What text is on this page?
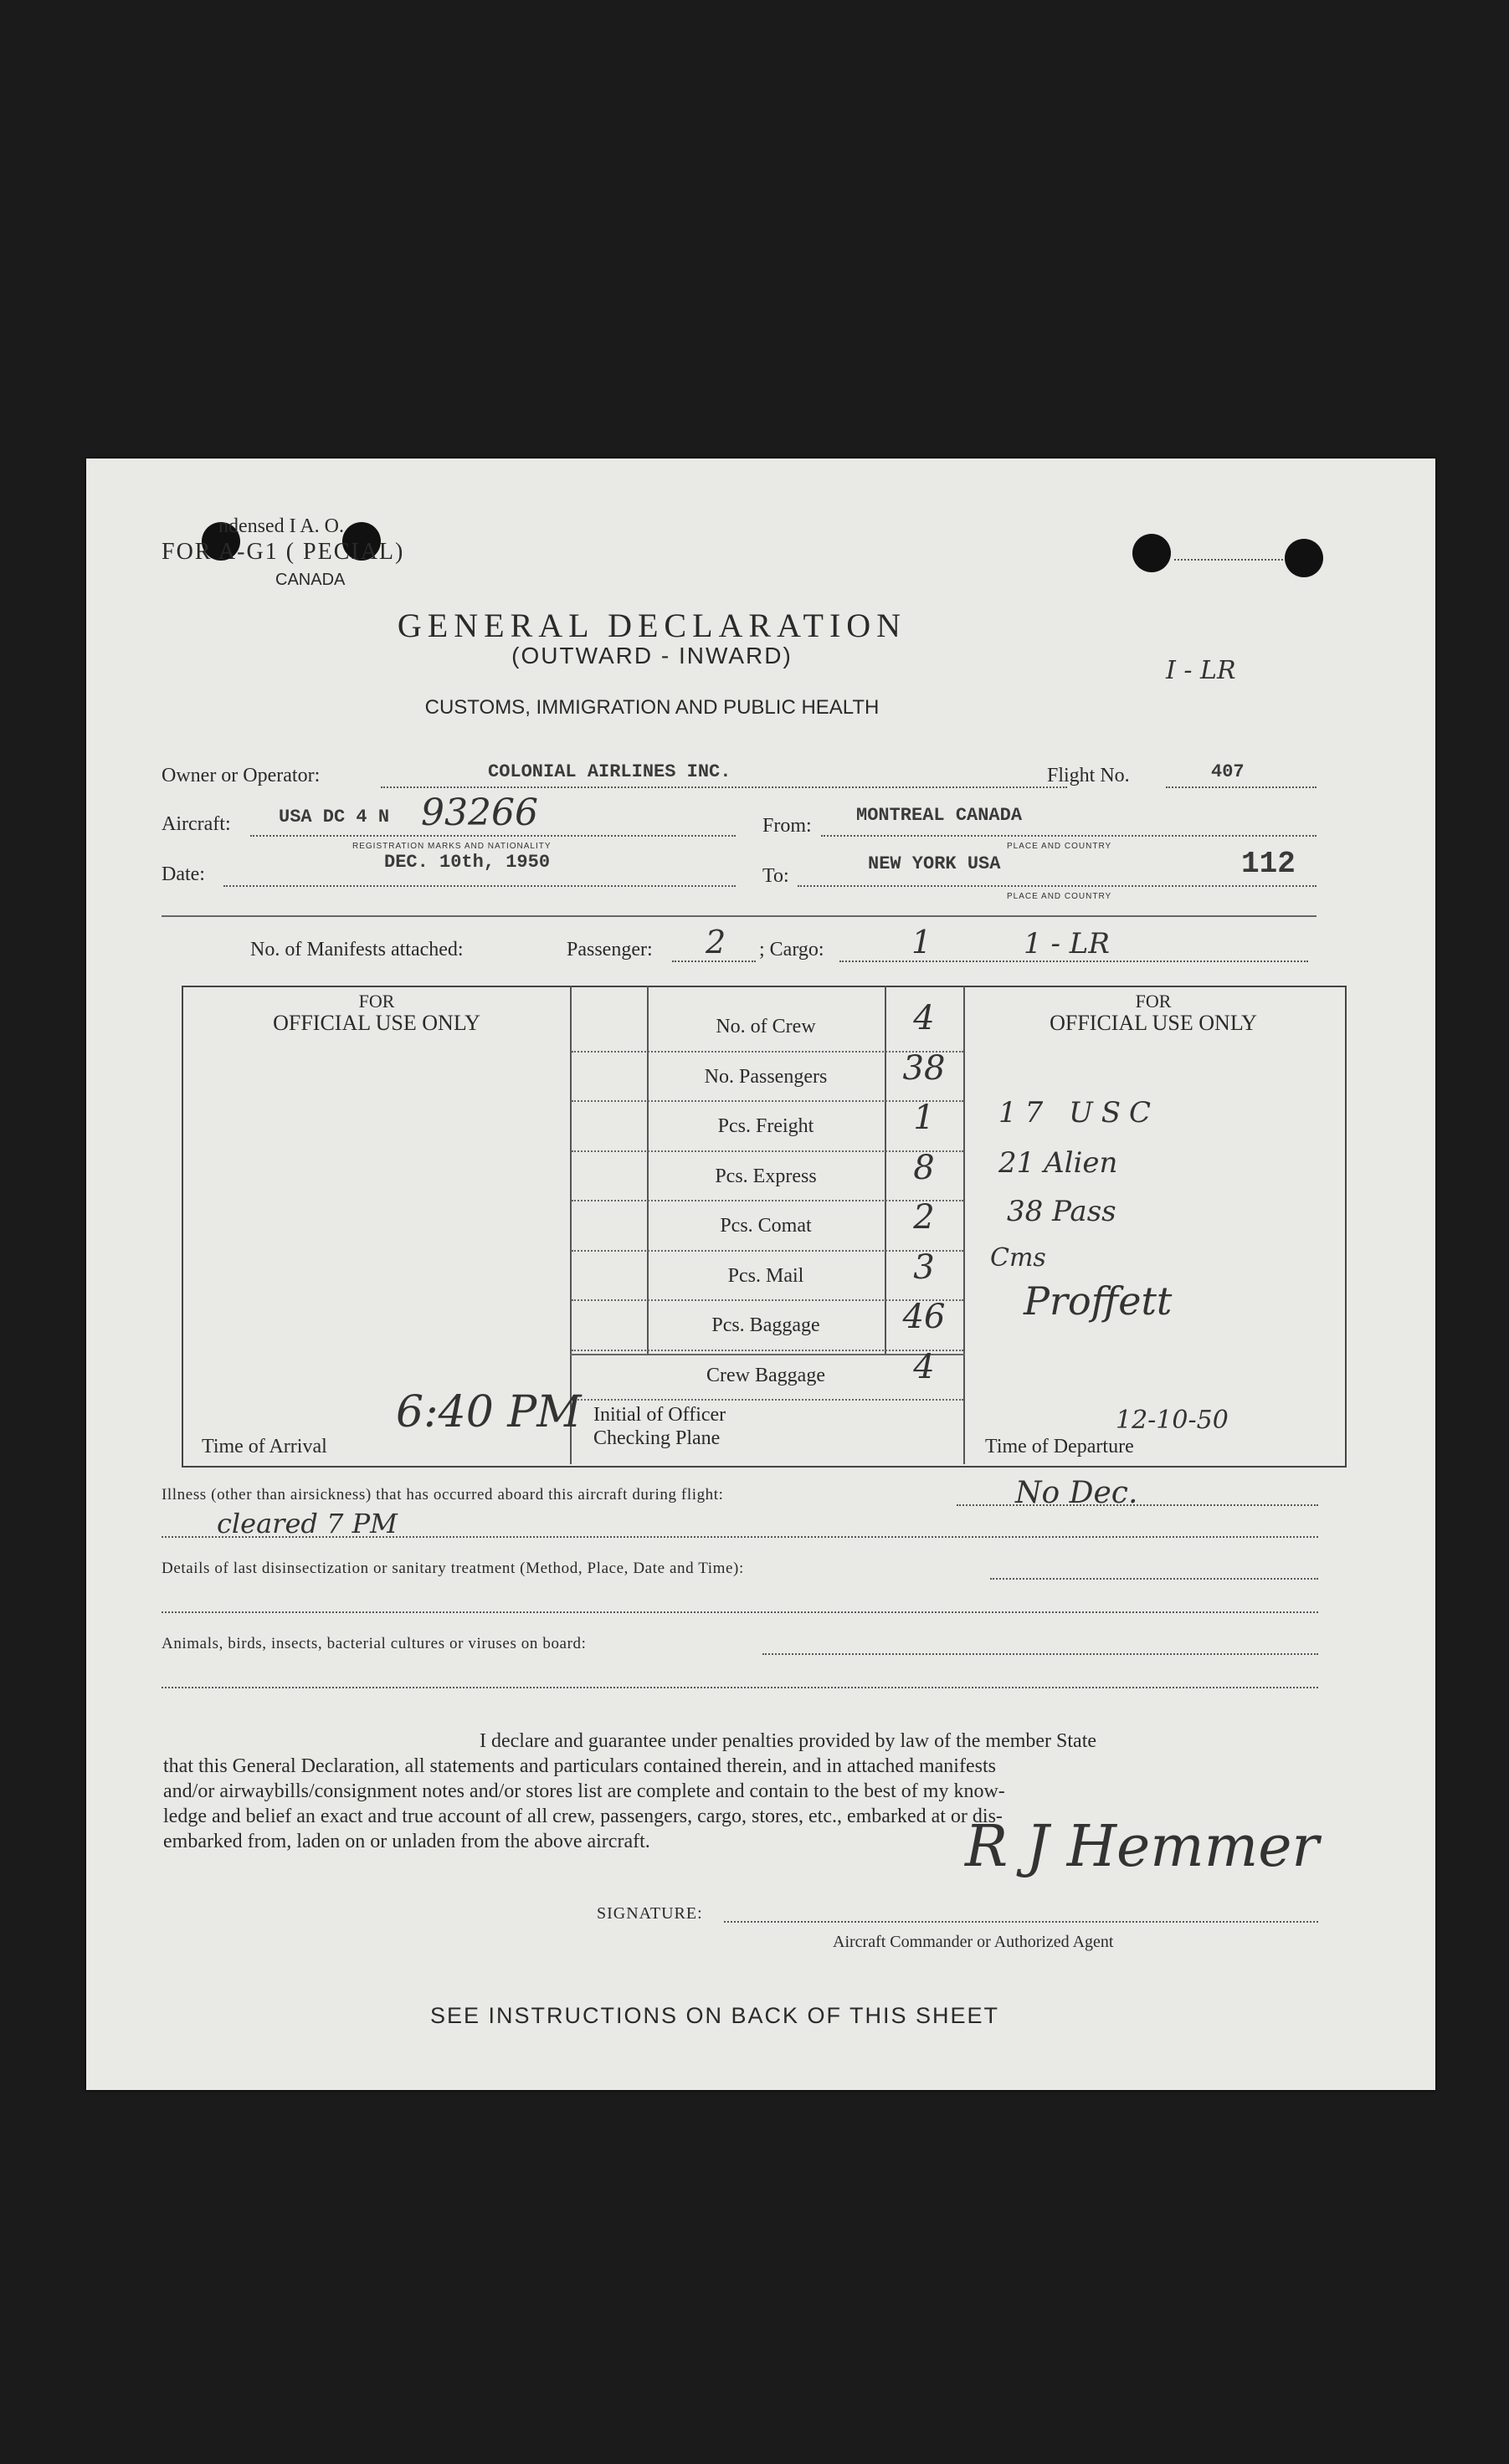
ndensed I A. O.
FOR A-G1 ( PECIAL)
CANADA
GENERAL DECLARATION
(OUTWARD - INWARD)
CUSTOMS, IMMIGRATION AND PUBLIC HEALTH
I - LR
Owner or Operator:	COLONIAL AIRLINES INC.	Flight No.	407
Aircraft:	USA DC 4 N 93266
REGISTRATION MARKS AND NATIONALITY
From: MONTREAL CANADA
PLACE AND COUNTRY
Date:
DEC. 10th, 1950
To:
NEW YORK USA
PLACE AND COUNTRY
112
No. of Manifests attached:	Passenger: 2 ; Cargo:	1	1 - LR
FOR
OFFICIAL USE ONLY
FOR
OFFICIAL USE ONLY
No. of Crew	4
No. Passengers	38
Pcs. Freight	1
Pcs. Express	8
Pcs. Comat	2
Pcs. Mail	3
Pcs. Baggage	46
Crew Baggage	4
17 USC
21 Alien
38 Pass
Cms
Proffett
12-10-50
Time of Arrival
6:40 PM Initial of Officer
Checking Plane	Time of Departure
Illness (other than airsickness) that has occurred aboard this aircraft during flight:	No Dec.
cleared 7 PM
Details of last disinsectization or sanitary treatment (Method, Place, Date and Time):
Animals, birds, insects, bacterial cultures or viruses on board:
I declare and guarantee under penalties provided by law of the member State
that this General Declaration, all statements and particulars contained therein, and in attached manifests
and/or airwaybills/consignment notes and/or stores list are complete and contain to the best of my know-
ledge and belief an exact and true account of all crew, passengers, cargo, stores, etc., embarked at or dis-
embarked from, laden on or unladen from the above aircraft.	R J Hemmer
SIGNATURE:
Aircraft Commander or Authorized Agent
SEE INSTRUCTIONS ON BACK OF THIS SHEET
